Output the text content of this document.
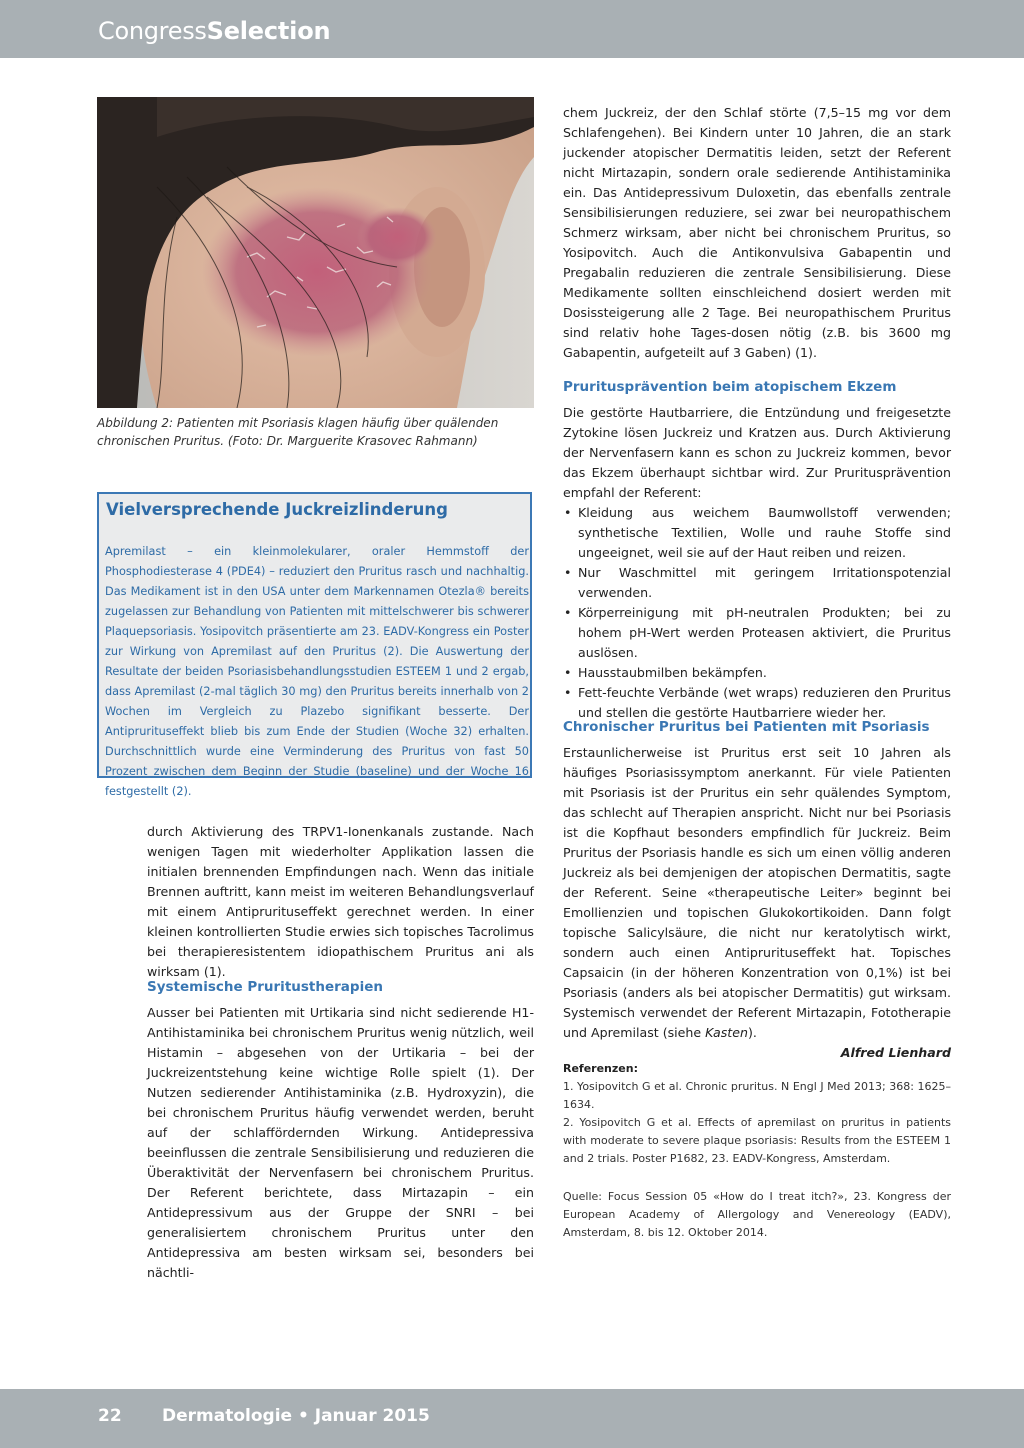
CongressSelection
Abbildung 2: Patienten mit Psoriasis klagen häufig über quälenden chronischen Pruritus. (Foto: Dr. Marguerite Krasovec Rahmann)
Vielversprechende Juckreizlinderung
Apremilast – ein kleinmolekularer, oraler Hemmstoff der Phosphodiesterase 4 (PDE4) – reduziert den Pruritus rasch und nachhaltig. Das Medikament ist in den USA unter dem Markennamen Otezla® bereits zugelassen zur Behandlung von Patienten mit mittelschwerer bis schwerer Plaquepsoriasis. Yosipovitch präsentierte am 23. EADV-Kongress ein Poster zur Wirkung von Apremilast auf den Pruritus (2). Die Auswertung der Resultate der beiden Psoriasisbehandlungsstudien ESTEEM 1 und 2 ergab, dass Apremilast (2-mal täglich 30 mg) den Pruritus bereits innerhalb von 2 Wochen im Vergleich zu Plazebo signifikant besserte. Der Antiprurituseffekt blieb bis zum Ende der Studien (Woche 32) erhalten. Durchschnittlich wurde eine Verminderung des Pruritus von fast 50 Prozent zwischen dem Beginn der Studie (baseline) und der Woche 16 festgestellt (2).
durch Aktivierung des TRPV1-Ionenkanals zustande. Nach wenigen Tagen mit wiederholter Applikation lassen die initialen brennenden Empfindungen nach. Wenn das initiale Brennen auftritt, kann meist im weiteren Behandlungsverlauf mit einem Antiprurituseffekt gerechnet werden. In einer kleinen kontrollierten Studie erwies sich topisches Tacrolimus bei therapieresistentem idiopathischem Pruritus ani als wirksam (1).
Systemische Pruritustherapien
Ausser bei Patienten mit Urtikaria sind nicht sedierende H1-Antihistaminika bei chronischem Pruritus wenig nützlich, weil Histamin – abgesehen von der Urtikaria – bei der Juckreizentstehung keine wichtige Rolle spielt (1). Der Nutzen sedierender Antihistaminika (z.B. Hydroxyzin), die bei chronischem Pruritus häufig verwendet werden, beruht auf der schlaffördernden Wirkung. Antidepressiva beeinflussen die zentrale Sensibilisierung und reduzieren die Überaktivität der Nervenfasern bei chronischem Pruritus. Der Referent berichtete, dass Mirtazapin – ein Antidepressivum aus der Gruppe der SNRI – bei generalisiertem chronischem Pruritus unter den Antidepressiva am besten wirksam sei, besonders bei nächtli-
chem Juckreiz, der den Schlaf störte (7,5–15 mg vor dem Schlafengehen). Bei Kindern unter 10 Jahren, die an stark juckender atopischer Dermatitis leiden, setzt der Referent nicht Mirtazapin, sondern orale sedierende Antihistaminika ein. Das Antidepressivum Duloxetin, das ebenfalls zentrale Sensibilisierungen reduziere, sei zwar bei neuropathischem Schmerz wirksam, aber nicht bei chronischem Pruritus, so Yosipovitch. Auch die Antikonvulsiva Gabapentin und Pregabalin reduzieren die zentrale Sensibilisierung. Diese Medikamente sollten einschleichend dosiert werden mit Dosissteigerung alle 2 Tage. Bei neuropathischem Pruritus sind relativ hohe Tages-dosen nötig (z.B. bis 3600 mg Gabapentin, aufgeteilt auf 3 Gaben) (1).
Pruritusprävention beim atopischem Ekzem
Die gestörte Hautbarriere, die Entzündung und freigesetzte Zytokine lösen Juckreiz und Kratzen aus. Durch Aktivierung der Nervenfasern kann es schon zu Juckreiz kommen, bevor das Ekzem überhaupt sichtbar wird. Zur Pruritusprävention empfahl der Referent:
• Kleidung aus weichem Baumwollstoff verwenden; synthetische Textilien, Wolle und rauhe Stoffe sind ungeeignet, weil sie auf der Haut reiben und reizen.
• Nur Waschmittel mit geringem Irritationspotenzial verwenden.
• Körperreinigung mit pH-neutralen Produkten; bei zu hohem pH-Wert werden Proteasen aktiviert, die Pruritus auslösen.
• Hausstaubmilben bekämpfen.
• Fett-feuchte Verbände (wet wraps) reduzieren den Pruritus und stellen die gestörte Hautbarriere wieder her.
Chronischer Pruritus bei Patienten mit Psoriasis
Erstaunlicherweise ist Pruritus erst seit 10 Jahren als häufiges Psoriasissymptom anerkannt. Für viele Patienten mit Psoriasis ist der Pruritus ein sehr quälendes Symptom, das schlecht auf Therapien anspricht. Nicht nur bei Psoriasis ist die Kopfhaut besonders empfindlich für Juckreiz. Beim Pruritus der Psoriasis handle es sich um einen völlig anderen Juckreiz als bei demjenigen der atopischen Dermatitis, sagte der Referent. Seine «therapeutische Leiter» beginnt bei Emollienzien und topischen Glukokortikoiden. Dann folgt topische Salicylsäure, die nicht nur keratolytisch wirkt, sondern auch einen Antiprurituseffekt hat. Topisches Capsaicin (in der höheren Konzentration von 0,1%) ist bei Psoriasis (anders als bei atopischer Dermatitis) gut wirksam. Systemisch verwendet der Referent Mirtazapin, Fototherapie und Apremilast (siehe Kasten).
Alfred Lienhard
Referenzen:
1. Yosipovitch G et al. Chronic pruritus. N Engl J Med 2013; 368: 1625–1634.
2. Yosipovitch G et al. Effects of apremilast on pruritus in patients with moderate to severe plaque psoriasis: Results from the ESTEEM 1 and 2 trials. Poster P1682, 23. EADV-Kongress, Amsterdam.
Quelle: Focus Session 05 «How do I treat itch?», 23. Kongress der European Academy of Allergology and Venereology (EADV), Amsterdam, 8. bis 12. Oktober 2014.
22 Dermatologie • Januar 2015
